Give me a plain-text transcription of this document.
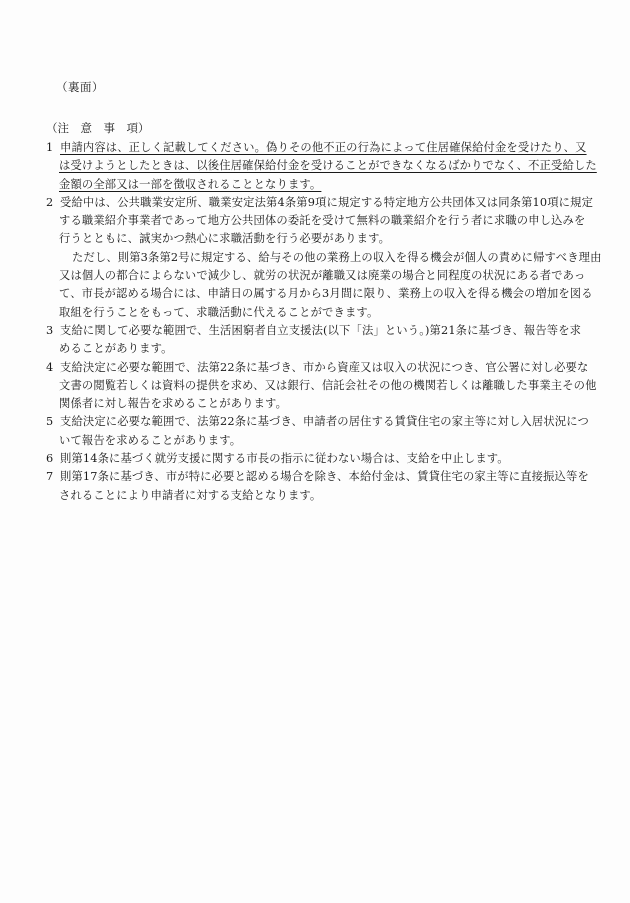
（裏面）
（注　意　事　項）
1 申請内容は、正しく記載してください。偽りその他不正の行為によって住居確保給付金を受けたり、又
は受けようとしたときは、以後住居確保給付金を受けることができなくなるばかりでなく、不正受給した
金額の全部又は一部を徴収されることとなります。
2 受給中は、公共職業安定所、職業安定法第4条第9項に規定する特定地方公共団体又は同条第10項に規定
する職業紹介事業者であって地方公共団体の委託を受けて無料の職業紹介を行う者に求職の申し込みを
行うとともに、誠実かつ熱心に求職活動を行う必要があります。
ただし、則第3条第2号に規定する、給与その他の業務上の収入を得る機会が個人の責めに帰すべき理由
又は個人の都合によらないで減少し、就労の状況が離職又は廃業の場合と同程度の状況にある者であっ
て、市長が認める場合には、申請日の属する月から3月間に限り、業務上の収入を得る機会の増加を図る
取組を行うことをもって、求職活動に代えることができます。
3 支給に関して必要な範囲で、生活困窮者自立支援法(以下「法」という。)第21条に基づき、報告等を求
めることがあります。
4 支給決定に必要な範囲で、法第22条に基づき、市から資産又は収入の状況につき、官公署に対し必要な
文書の閲覧若しくは資料の提供を求め、又は銀行、信託会社その他の機関若しくは離職した事業主その他
関係者に対し報告を求めることがあります。
5 支給決定に必要な範囲で、法第22条に基づき、申請者の居住する賃貸住宅の家主等に対し入居状況につ
いて報告を求めることがあります。
6 則第14条に基づく就労支援に関する市長の指示に従わない場合は、支給を中止します。
7 則第17条に基づき、市が特に必要と認める場合を除き、本給付金は、賃貸住宅の家主等に直接振込等を
されることにより申請者に対する支給となります。
